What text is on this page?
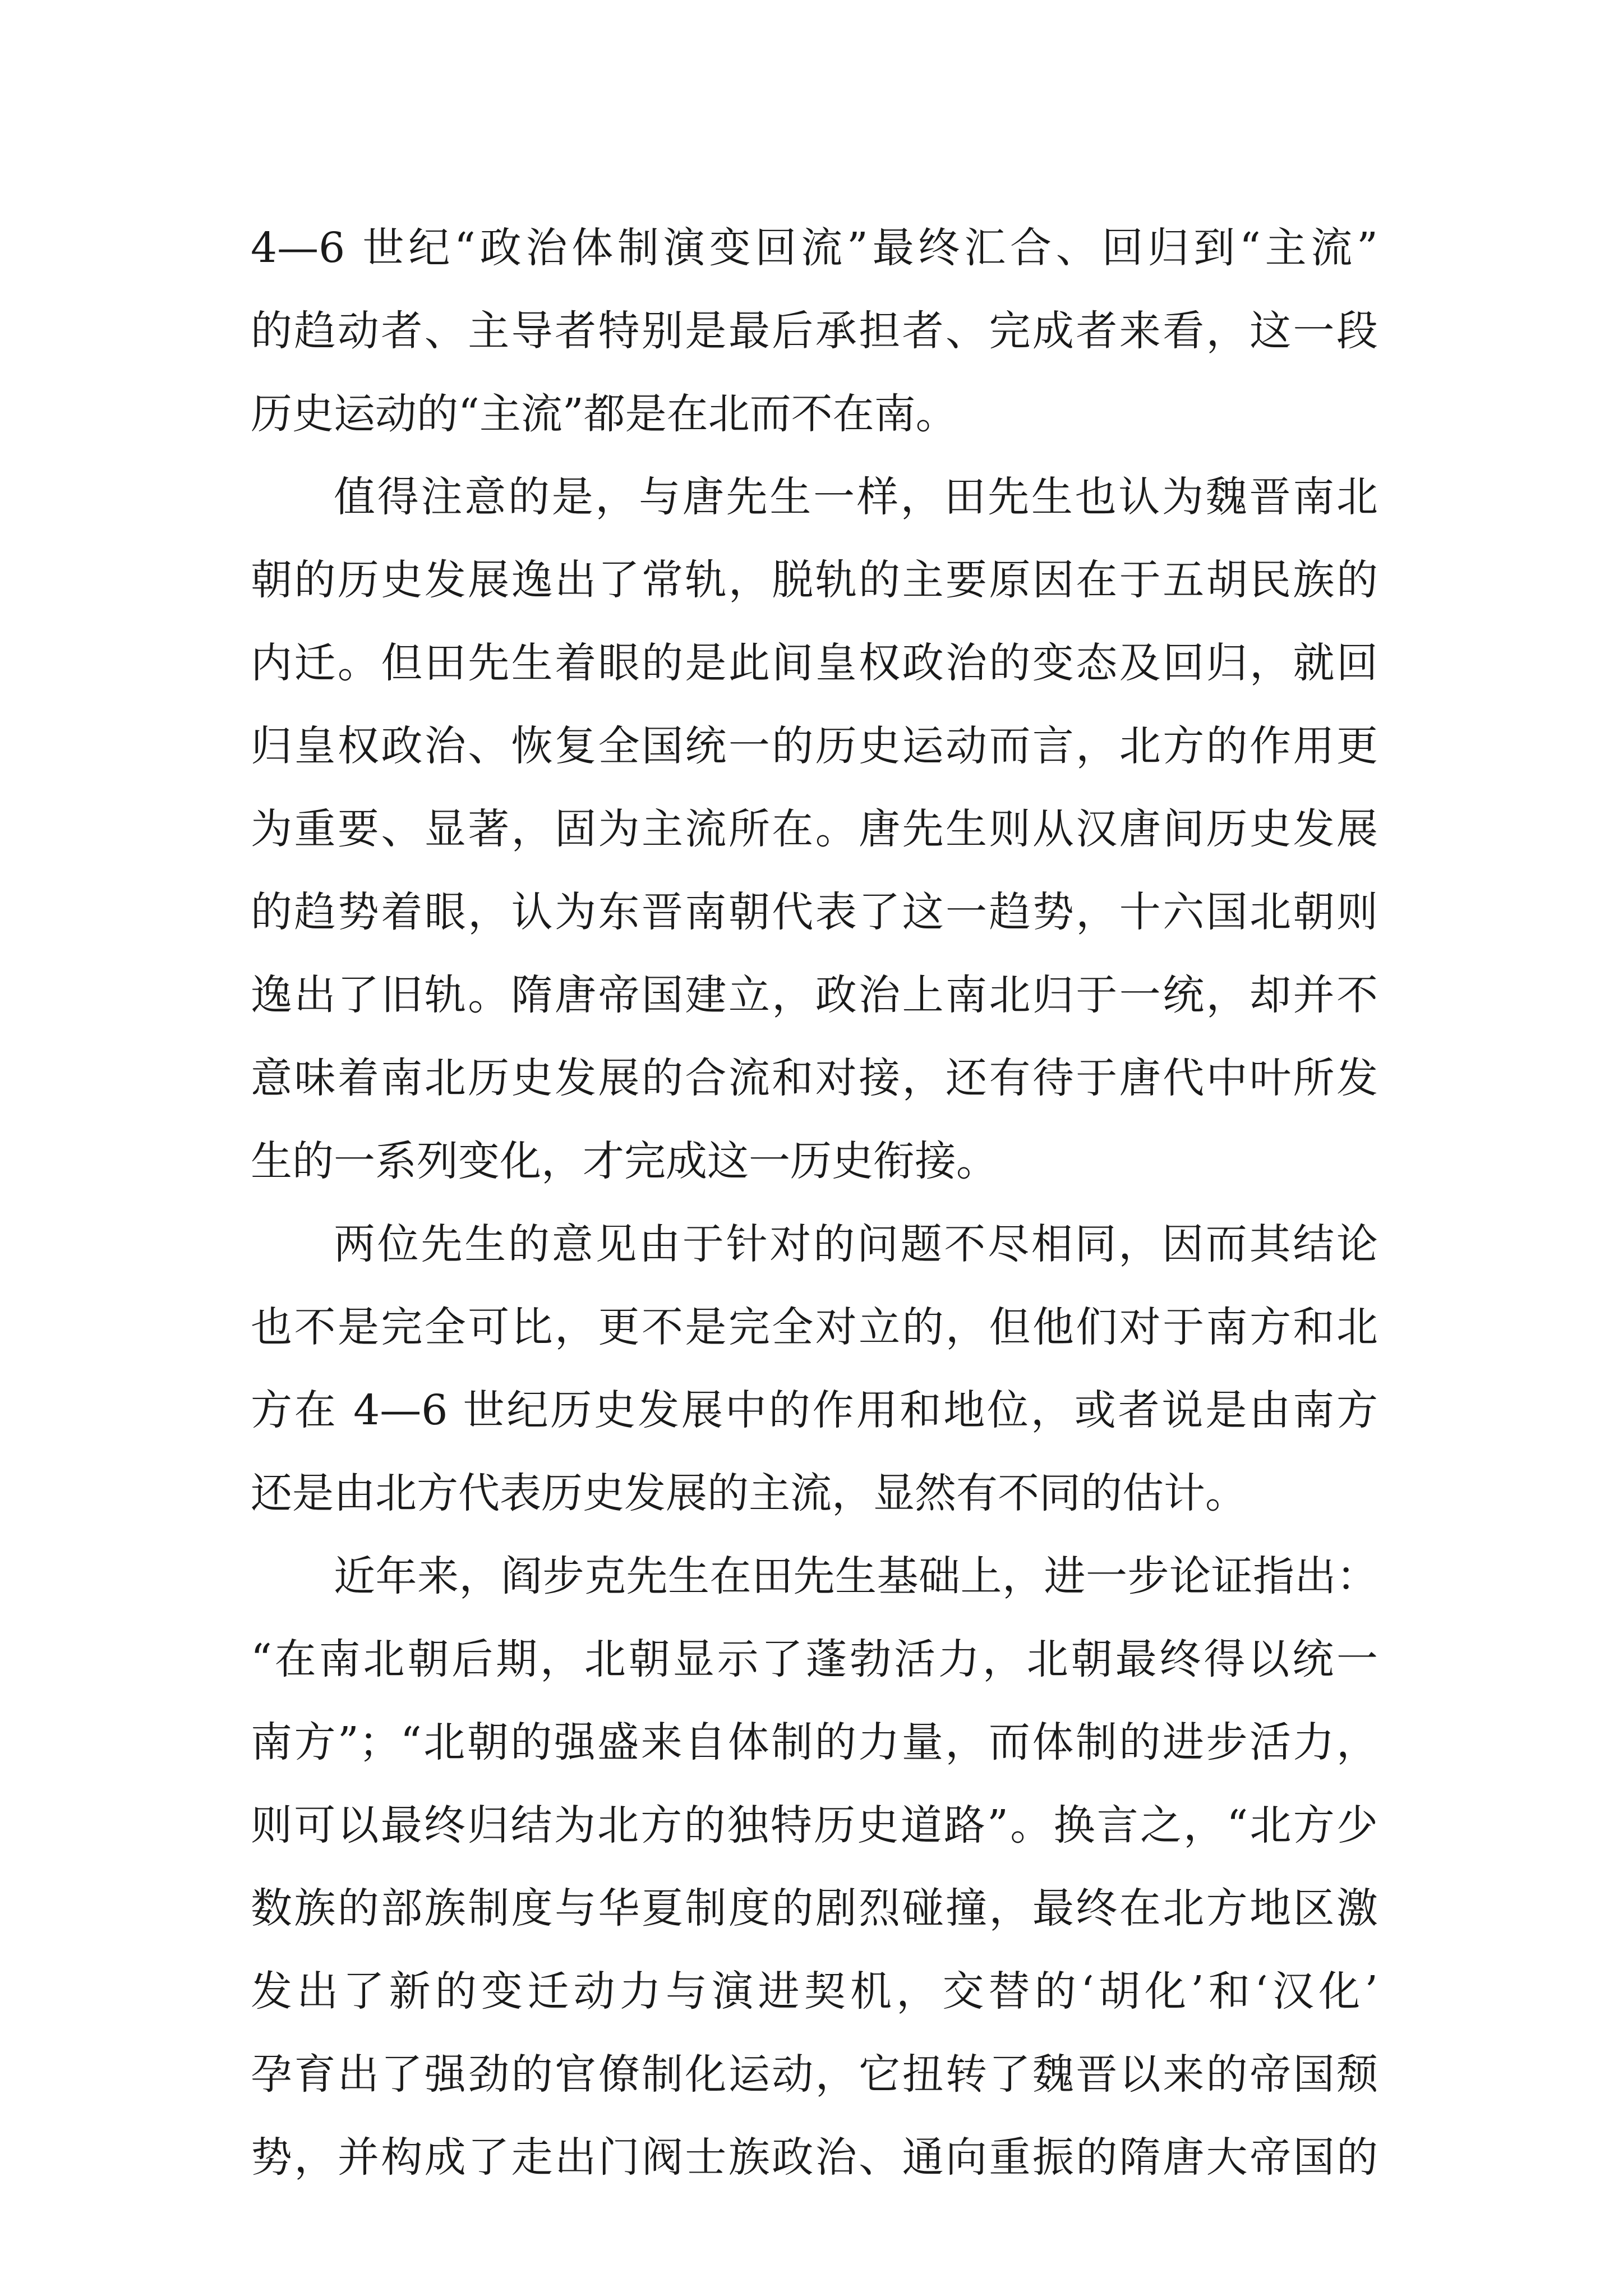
4—6 世纪“政治体制演变回流”最终汇合、回归到“主流”
的趋动者、主导者特别是最后承担者、完成者来看，这一段
历史运动的“主流”都是在北而不在南。
值得注意的是，与唐先生一样，田先生也认为魏晋南北
朝的历史发展逸出了常轨，脱轨的主要原因在于五胡民族的
内迁。但田先生着眼的是此间皇权政治的变态及回归，就回
归皇权政治、恢复全国统一的历史运动而言，北方的作用更
为重要、显著，固为主流所在。唐先生则从汉唐间历史发展
的趋势着眼，认为东晋南朝代表了这一趋势，十六国北朝则
逸出了旧轨。隋唐帝国建立，政治上南北归于一统，却并不
意味着南北历史发展的合流和对接，还有待于唐代中叶所发
生的一系列变化，才完成这一历史衔接。
两位先生的意见由于针对的问题不尽相同，因而其结论
也不是完全可比，更不是完全对立的，但他们对于南方和北
方在 4—6 世纪历史发展中的作用和地位，或者说是由南方
还是由北方代表历史发展的主流，显然有不同的估计。
近年来，阎步克先生在田先生基础上，进一步论证指出：
“在南北朝后期，北朝显示了蓬勃活力，北朝最终得以统一
南方”；“北朝的强盛来自体制的力量，而体制的进步活力，
则可以最终归结为北方的独特历史道路”。换言之，“北方少
数族的部族制度与华夏制度的剧烈碰撞，最终在北方地区激
发出了新的变迁动力与演进契机，交替的‘胡化’和‘汉化’
孕育出了强劲的官僚制化运动，它扭转了魏晋以来的帝国颓
势，并构成了走出门阀士族政治、通向重振的隋唐大帝国的
